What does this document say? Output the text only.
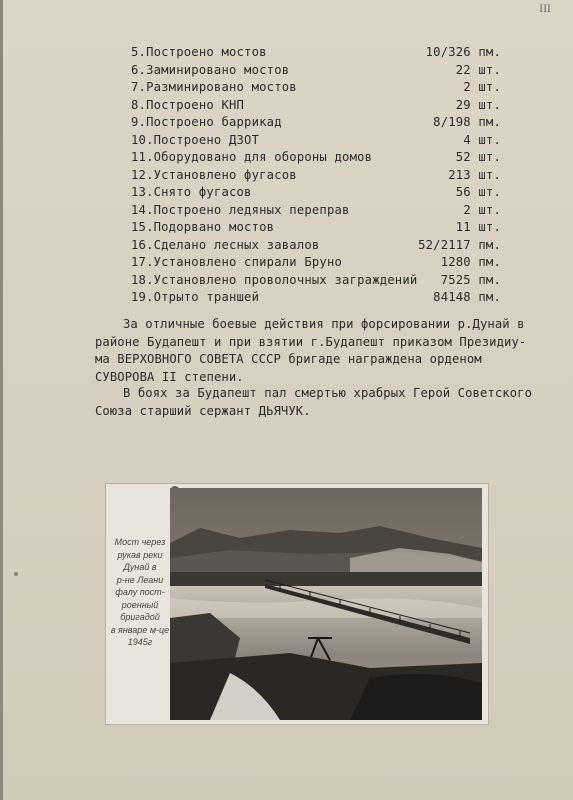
III
5.Построено мостов	10/326 пм.
6.Заминировано мостов	22 шт.
7.Разминировано мостов	2 шт.
8.Построено КНП	29 шт.
9.Построено баррикад	8/198 пм.
10.Построено ДЗОТ	4 шт.
11.Оборудовано для обороны домов	52 шт.
12.Установлено фугасов	213 шт.
13.Снято фугасов	56 шт.
14.Построено ледяных переправ	2 шт.
15.Подорвано мостов	11 шт.
16.Сделано лесных завалов	52/2117 пм.
17.Установлено спирали Бруно	1280 пм.
18.Установлено проволочных заграждений 7525 пм.
19.Отрыто траншей	84148 пм.
За отличные боевые действия при форсировании р.Дунай в
районе Будапешт и при взятии г.Будапешт приказом Президиу-
ма ВЕРХОВНОГО СОВЕТА СССР бригаде награждена орденом
СУВОРОВА II степени.
В боях за Будапешт пал смертью храбрых Герой Советского
Союза старший сержант ДЬЯЧУК.
Мост через
рукав реки
Дунай в
р-не Леани
фалу пост-
роенный
бригадой
в январе м-це
1945г
